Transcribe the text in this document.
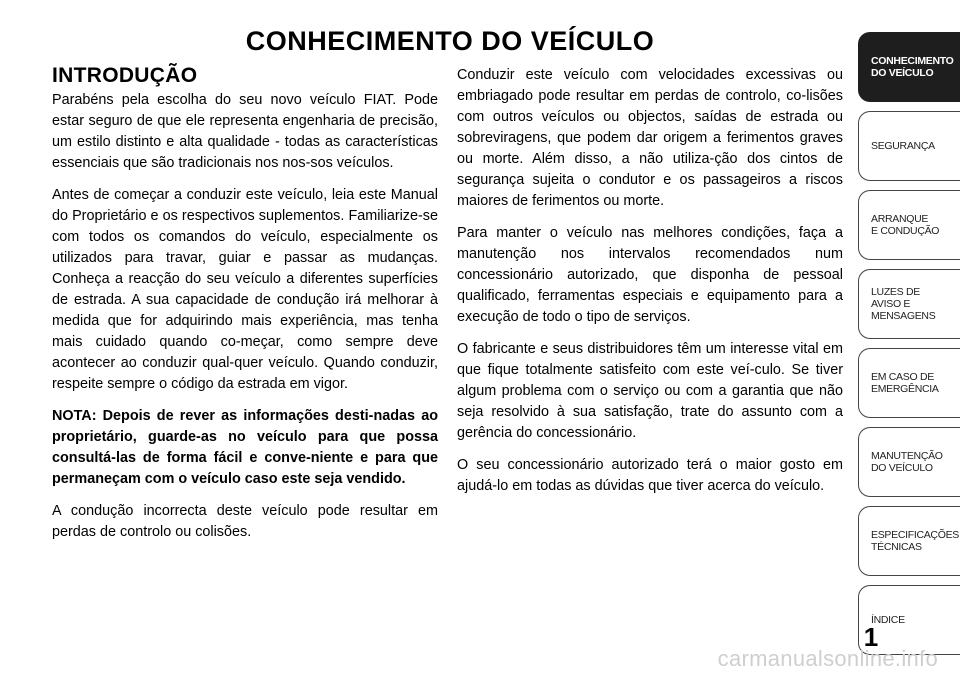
CONHECIMENTO DO VEÍCULO
INTRODUÇÃO

Parabéns pela escolha do seu novo veículo FIAT. Pode estar seguro de que ele representa engenharia de precisão, um estilo distinto e alta qualidade - todas as características essenciais que são tradicionais nos nos-sos veículos.

Antes de começar a conduzir este veículo, leia este Manual do Proprietário e os respectivos suplementos. Familiarize-se com todos os comandos do veículo, especialmente os utilizados para travar, guiar e passar as mudanças. Conheça a reacção do seu veículo a diferentes superfícies de estrada. A sua capacidade de condução irá melhorar à medida que for adquirindo mais experiência, mas tenha mais cuidado quando co-meçar, como sempre deve acontecer ao conduzir qual-quer veículo. Quando conduzir, respeite sempre o código da estrada em vigor.

NOTA: Depois de rever as informações desti-nadas ao proprietário, guarde-as no veículo para que possa consultá-las de forma fácil e conve-niente e para que permaneçam com o veículo caso este seja vendido.

A condução incorrecta deste veículo pode resultar em perdas de controlo ou colisões.

Conduzir este veículo com velocidades excessivas ou embriagado pode resultar em perdas de controlo, co-lisões com outros veículos ou objectos, saídas de estrada ou sobreviragens, que podem dar origem a ferimentos graves ou morte. Além disso, a não utiliza-ção dos cintos de segurança sujeita o condutor e os passageiros a riscos maiores de ferimentos ou morte.

Para manter o veículo nas melhores condições, faça a manutenção nos intervalos recomendados num concessionário autorizado, que disponha de pessoal qualificado, ferramentas especiais e equipamento para a execução de todo o tipo de serviços.

O fabricante e seus distribuidores têm um interesse vital em que fique totalmente satisfeito com este veí-culo. Se tiver algum problema com o serviço ou com a garantia que não seja resolvido à sua satisfação, trate do assunto com a gerência do concessionário.

O seu concessionário autorizado terá o maior gosto em ajudá-lo em todas as dúvidas que tiver acerca do veículo.

CONHECIMENTO
DO VEÍCULO
SEGURANÇA
ARRANQUE
E CONDUÇÃO
LUZES DE
AVISO E
MENSAGENS
EM CASO DE
EMERGÊNCIA
MANUTENÇÃO
DO VEÍCULO
ESPECIFICAÇÕES
TÉCNICAS
ÍNDICE
1
carmanualsonline.info
